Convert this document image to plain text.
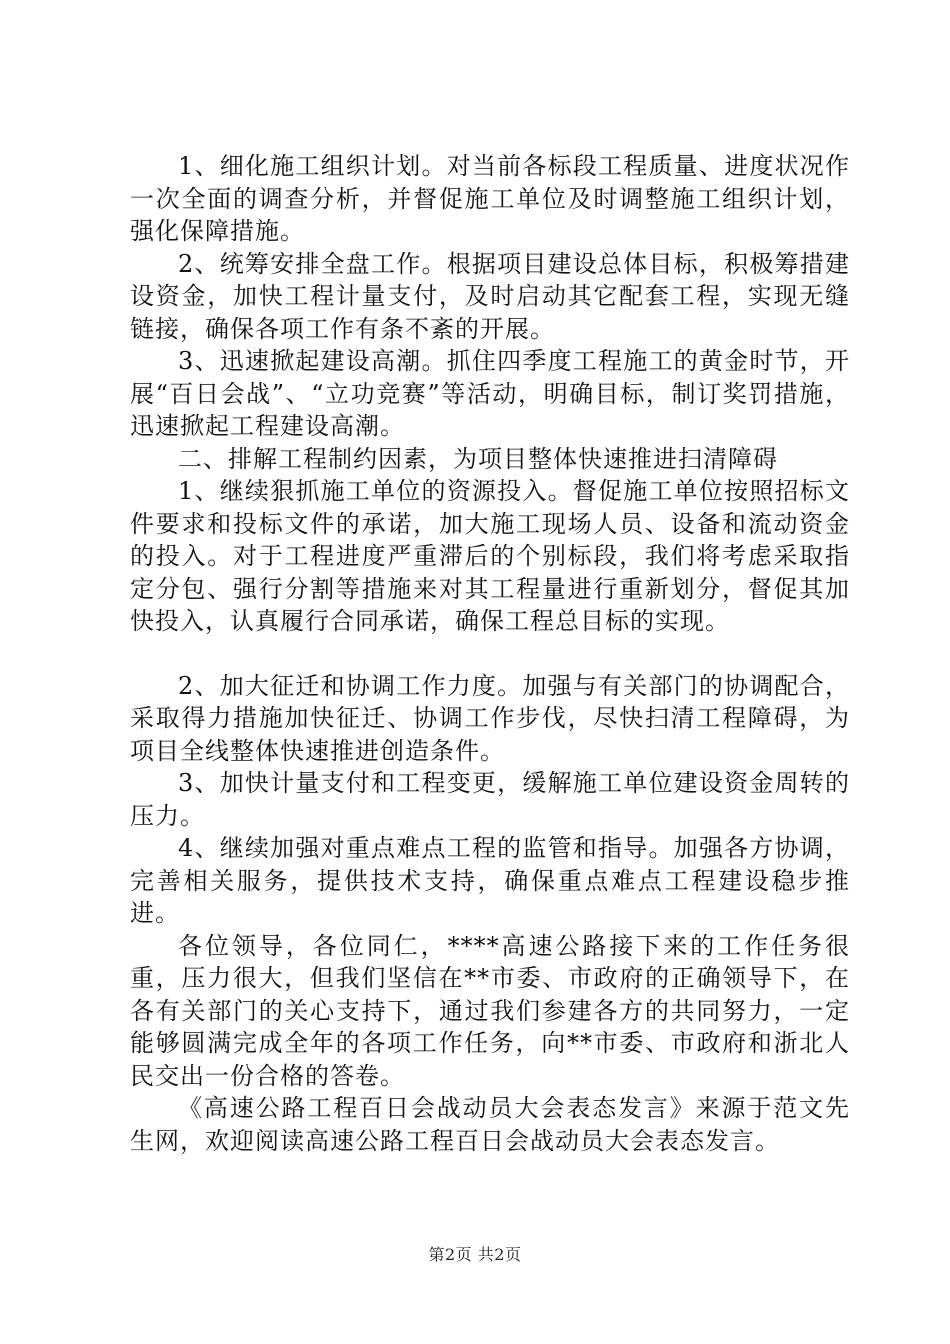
1、细化施工组织计划。对当前各标段工程质量、进度状况作一次全面的调查分析，并督促施工单位及时调整施工组织计划，强化保障措施。

2、统筹安排全盘工作。根据项目建设总体目标，积极筹措建设资金，加快工程计量支付，及时启动其它配套工程，实现无缝链接，确保各项工作有条不紊的开展。

3、迅速掀起建设高潮。抓住四季度工程施工的黄金时节，开展“百日会战”、“立功竞赛”等活动，明确目标，制订奖罚措施，迅速掀起工程建设高潮。

二、排解工程制约因素，为项目整体快速推进扫清障碍

1、继续狠抓施工单位的资源投入。督促施工单位按照招标文件要求和投标文件的承诺，加大施工现场人员、设备和流动资金的投入。对于工程进度严重滞后的个别标段，我们将考虑采取指定分包、强行分割等措施来对其工程量进行重新划分，督促其加快投入，认真履行合同承诺，确保工程总目标的实现。

2、加大征迁和协调工作力度。加强与有关部门的协调配合，采取得力措施加快征迁、协调工作步伐，尽快扫清工程障碍，为项目全线整体快速推进创造条件。

3、加快计量支付和工程变更，缓解施工单位建设资金周转的压力。

4、继续加强对重点难点工程的监管和指导。加强各方协调，完善相关服务，提供技术支持，确保重点难点工程建设稳步推进。

各位领导，各位同仁，****高速公路接下来的工作任务很重，压力很大，但我们坚信在**市委、市政府的正确领导下，在各有关部门的关心支持下，通过我们参建各方的共同努力，一定能够圆满完成全年的各项工作任务，向**市委、市政府和浙北人民交出一份合格的答卷。

《高速公路工程百日会战动员大会表态发言》来源于范文先生网，欢迎阅读高速公路工程百日会战动员大会表态发言。

第2页 共2页
